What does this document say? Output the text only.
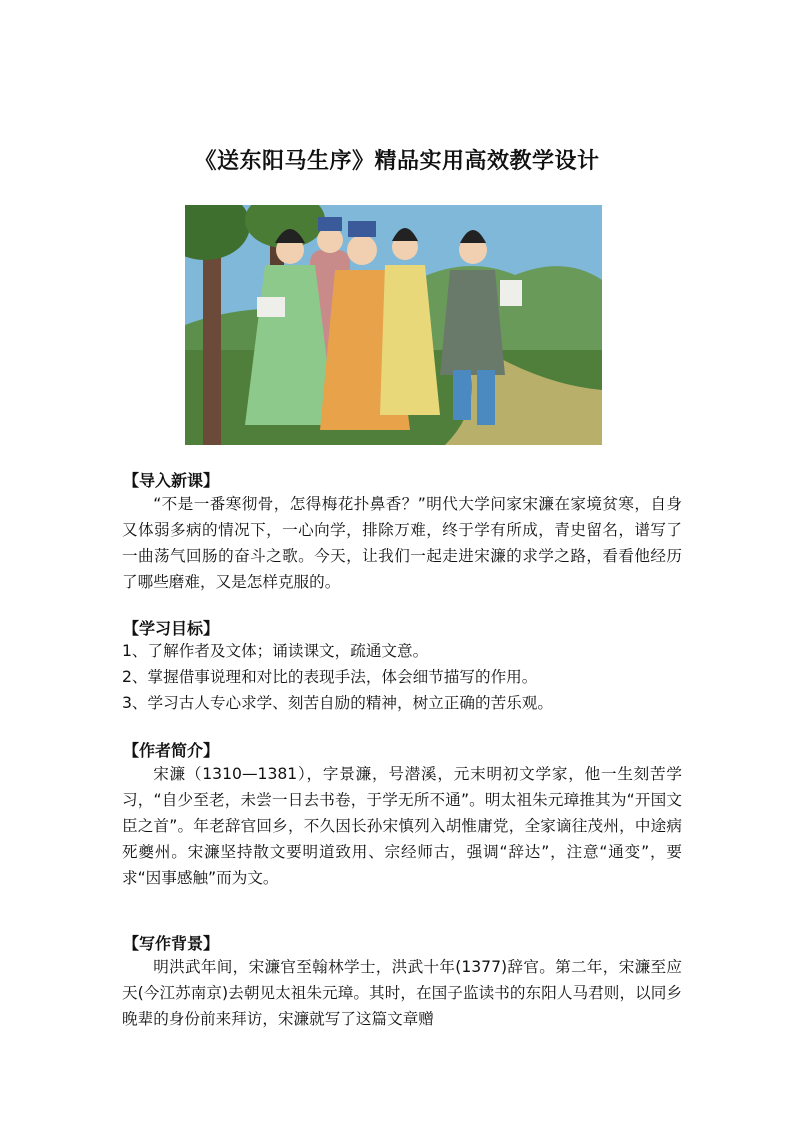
《送东阳马生序》精品实用高效教学设计
【导入新课】

“不是一番寒彻骨，怎得梅花扑鼻香？”明代大学问家宋濂在家境贫寒，自身又体弱多病的情况下，一心向学，排除万难，终于学有所成，青史留名，谱写了一曲荡气回肠的奋斗之歌。今天，让我们一起走进宋濂的求学之路，看看他经历了哪些磨难，又是怎样克服的。

【学习目标】
1、了解作者及文体；诵读课文，疏通文意。
2、掌握借事说理和对比的表现手法，体会细节描写的作用。
3、学习古人专心求学、刻苦自励的精神，树立正确的苦乐观。
【作者简介】

宋濂（1310—1381），字景濂，号潜溪，元末明初文学家，他一生刻苦学习，“自少至老，未尝一日去书卷，于学无所不通”。明太祖朱元璋推其为“开国文臣之首”。年老辞官回乡，不久因长孙宋慎列入胡惟庸党，全家谪往茂州，中途病死夔州。宋濂坚持散文要明道致用、宗经师古，强调“辞达”，注意“通变”，要求“因事感触”而为文。

【写作背景】

明洪武年间，宋濂官至翰林学士，洪武十年(1377)辞官。第二年，宋濂至应天(今江苏南京)去朝见太祖朱元璋。其时，在国子监读书的东阳人马君则，以同乡晚辈的身份前来拜访，宋濂就写了这篇文章赠
